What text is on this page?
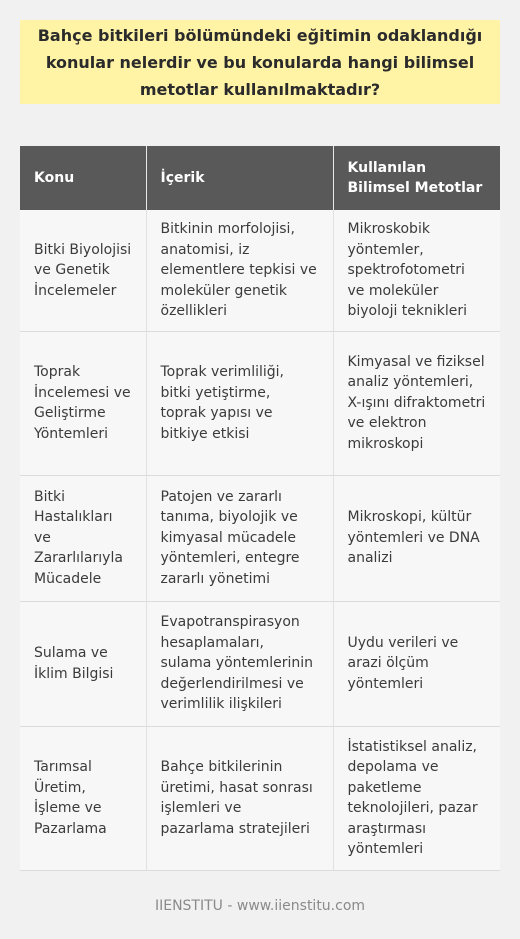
Bahçe bitkileri bölümündeki eğitimin odaklandığı konular nelerdir ve bu konularda hangi bilimsel metotlar kullanılmaktadır?
Konu	İçerik	Kullanılan Bilimsel Metotlar
Bitki Biyolojisi ve Genetik İncelemeler	Bitkinin morfolojisi, anatomisi, iz elementlere tepkisi ve moleküler genetik özellikleri	Mikroskobik yöntemler, spektrofotometri ve moleküler biyoloji teknikleri
Toprak İncelemesi ve Geliştirme Yöntemleri	Toprak verimliliği, bitki yetiştirme, toprak yapısı ve bitkiye etkisi	Kimyasal ve fiziksel analiz yöntemleri, X-ışını difraktometri ve elektron mikroskopi
Bitki Hastalıkları ve Zararlılarıyla Mücadele	Patojen ve zararlı tanıma, biyolojik ve kimyasal mücadele yöntemleri, entegre zararlı yönetimi	Mikroskopi, kültür yöntemleri ve DNA analizi
Sulama ve İklim Bilgisi	Evapotranspirasyon hesaplamaları, sulama yöntemlerinin değerlendirilmesi ve verimlilik ilişkileri	Uydu verileri ve arazi ölçüm yöntemleri
Tarımsal Üretim, İşleme ve Pazarlama	Bahçe bitkilerinin üretimi, hasat sonrası işlemleri ve pazarlama stratejileri	İstatistiksel analiz, depolama ve paketleme teknolojileri, pazar araştırması yöntemleri
IIENSTITU - www.iienstitu.com
